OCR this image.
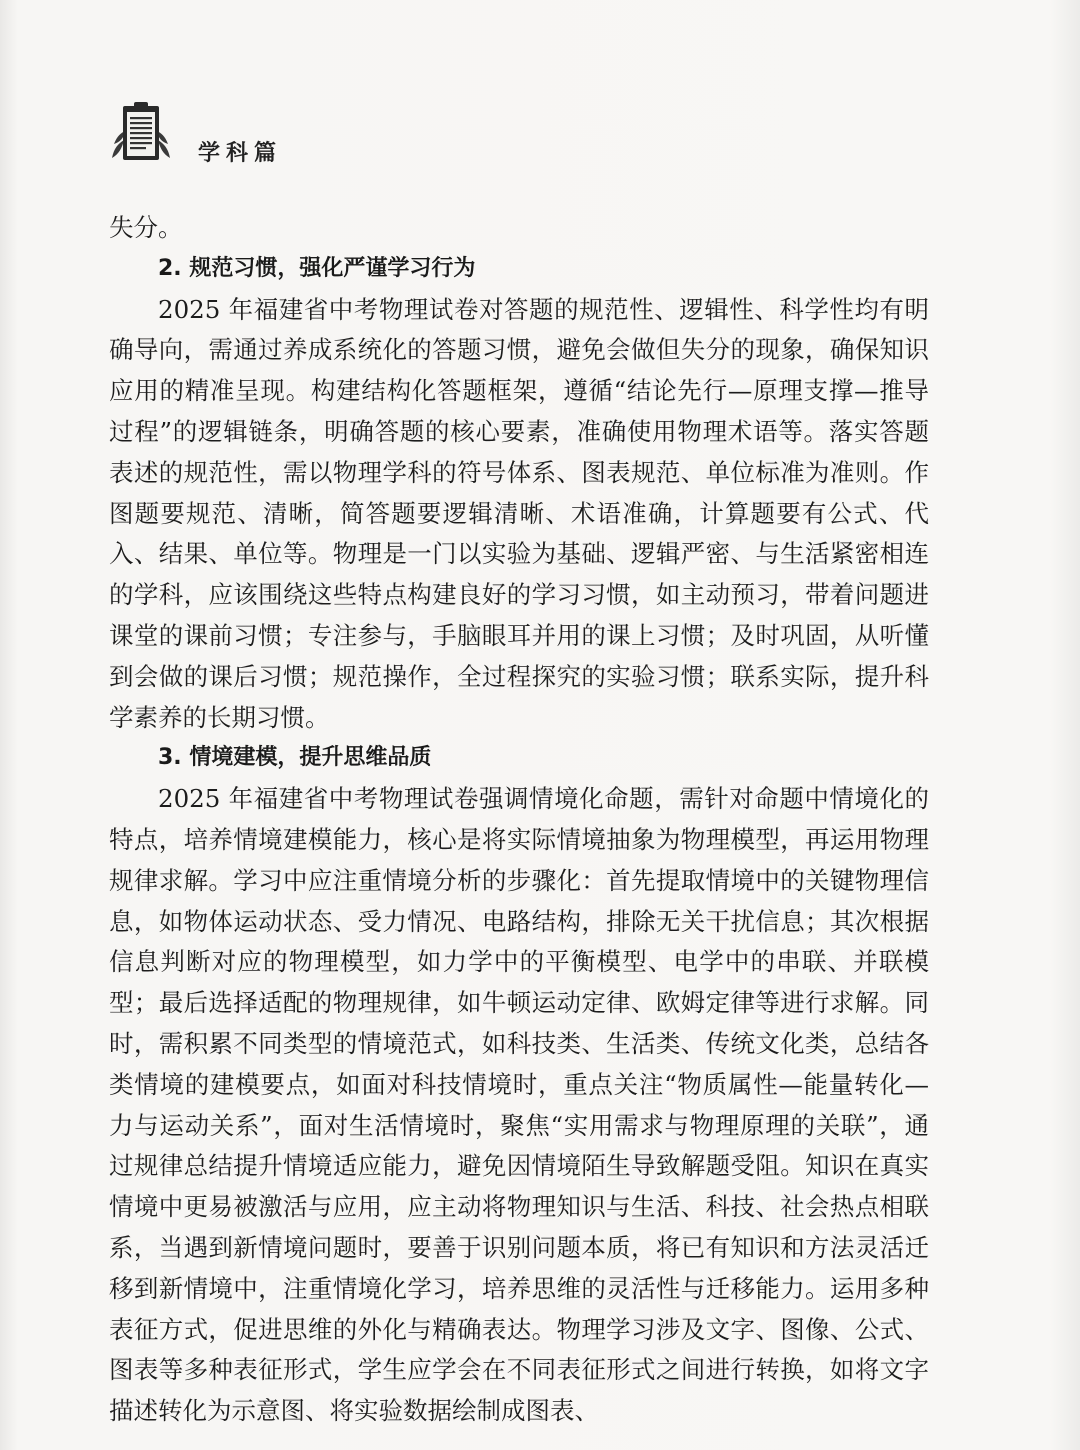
学科篇

失分。

2. 规范习惯，强化严谨学习行为

2025 年福建省中考物理试卷对答题的规范性、逻辑性、科学性均有明确导向，需通过养成系统化的答题习惯，避免会做但失分的现象，确保知识应用的精准呈现。构建结构化答题框架，遵循“结论先行—原理支撑—推导过程”的逻辑链条，明确答题的核心要素，准确使用物理术语等。落实答题表述的规范性，需以物理学科的符号体系、图表规范、单位标准为准则。作图题要规范、清晰，简答题要逻辑清晰、术语准确，计算题要有公式、代入、结果、单位等。物理是一门以实验为基础、逻辑严密、与生活紧密相连的学科，应该围绕这些特点构建良好的学习习惯，如主动预习，带着问题进课堂的课前习惯；专注参与，手脑眼耳并用的课上习惯；及时巩固，从听懂到会做的课后习惯；规范操作，全过程探究的实验习惯；联系实际，提升科学素养的长期习惯。

3. 情境建模，提升思维品质

2025 年福建省中考物理试卷强调情境化命题，需针对命题中情境化的特点，培养情境建模能力，核心是将实际情境抽象为物理模型，再运用物理规律求解。学习中应注重情境分析的步骤化：首先提取情境中的关键物理信息，如物体运动状态、受力情况、电路结构，排除无关干扰信息；其次根据信息判断对应的物理模型，如力学中的平衡模型、电学中的串联、并联模型；最后选择适配的物理规律，如牛顿运动定律、欧姆定律等进行求解。同时，需积累不同类型的情境范式，如科技类、生活类、传统文化类，总结各类情境的建模要点，如面对科技情境时，重点关注“物质属性—能量转化—力与运动关系”，面对生活情境时，聚焦“实用需求与物理原理的关联”，通过规律总结提升情境适应能力，避免因情境陌生导致解题受阻。知识在真实情境中更易被激活与应用，应主动将物理知识与生活、科技、社会热点相联系，当遇到新情境问题时，要善于识别问题本质，将已有知识和方法灵活迁移到新情境中，注重情境化学习，培养思维的灵活性与迁移能力。运用多种表征方式，促进思维的外化与精确表达。物理学习涉及文字、图像、公式、图表等多种表征形式，学生应学会在不同表征形式之间进行转换，如将文字描述转化为示意图、将实验数据绘制成图表、
